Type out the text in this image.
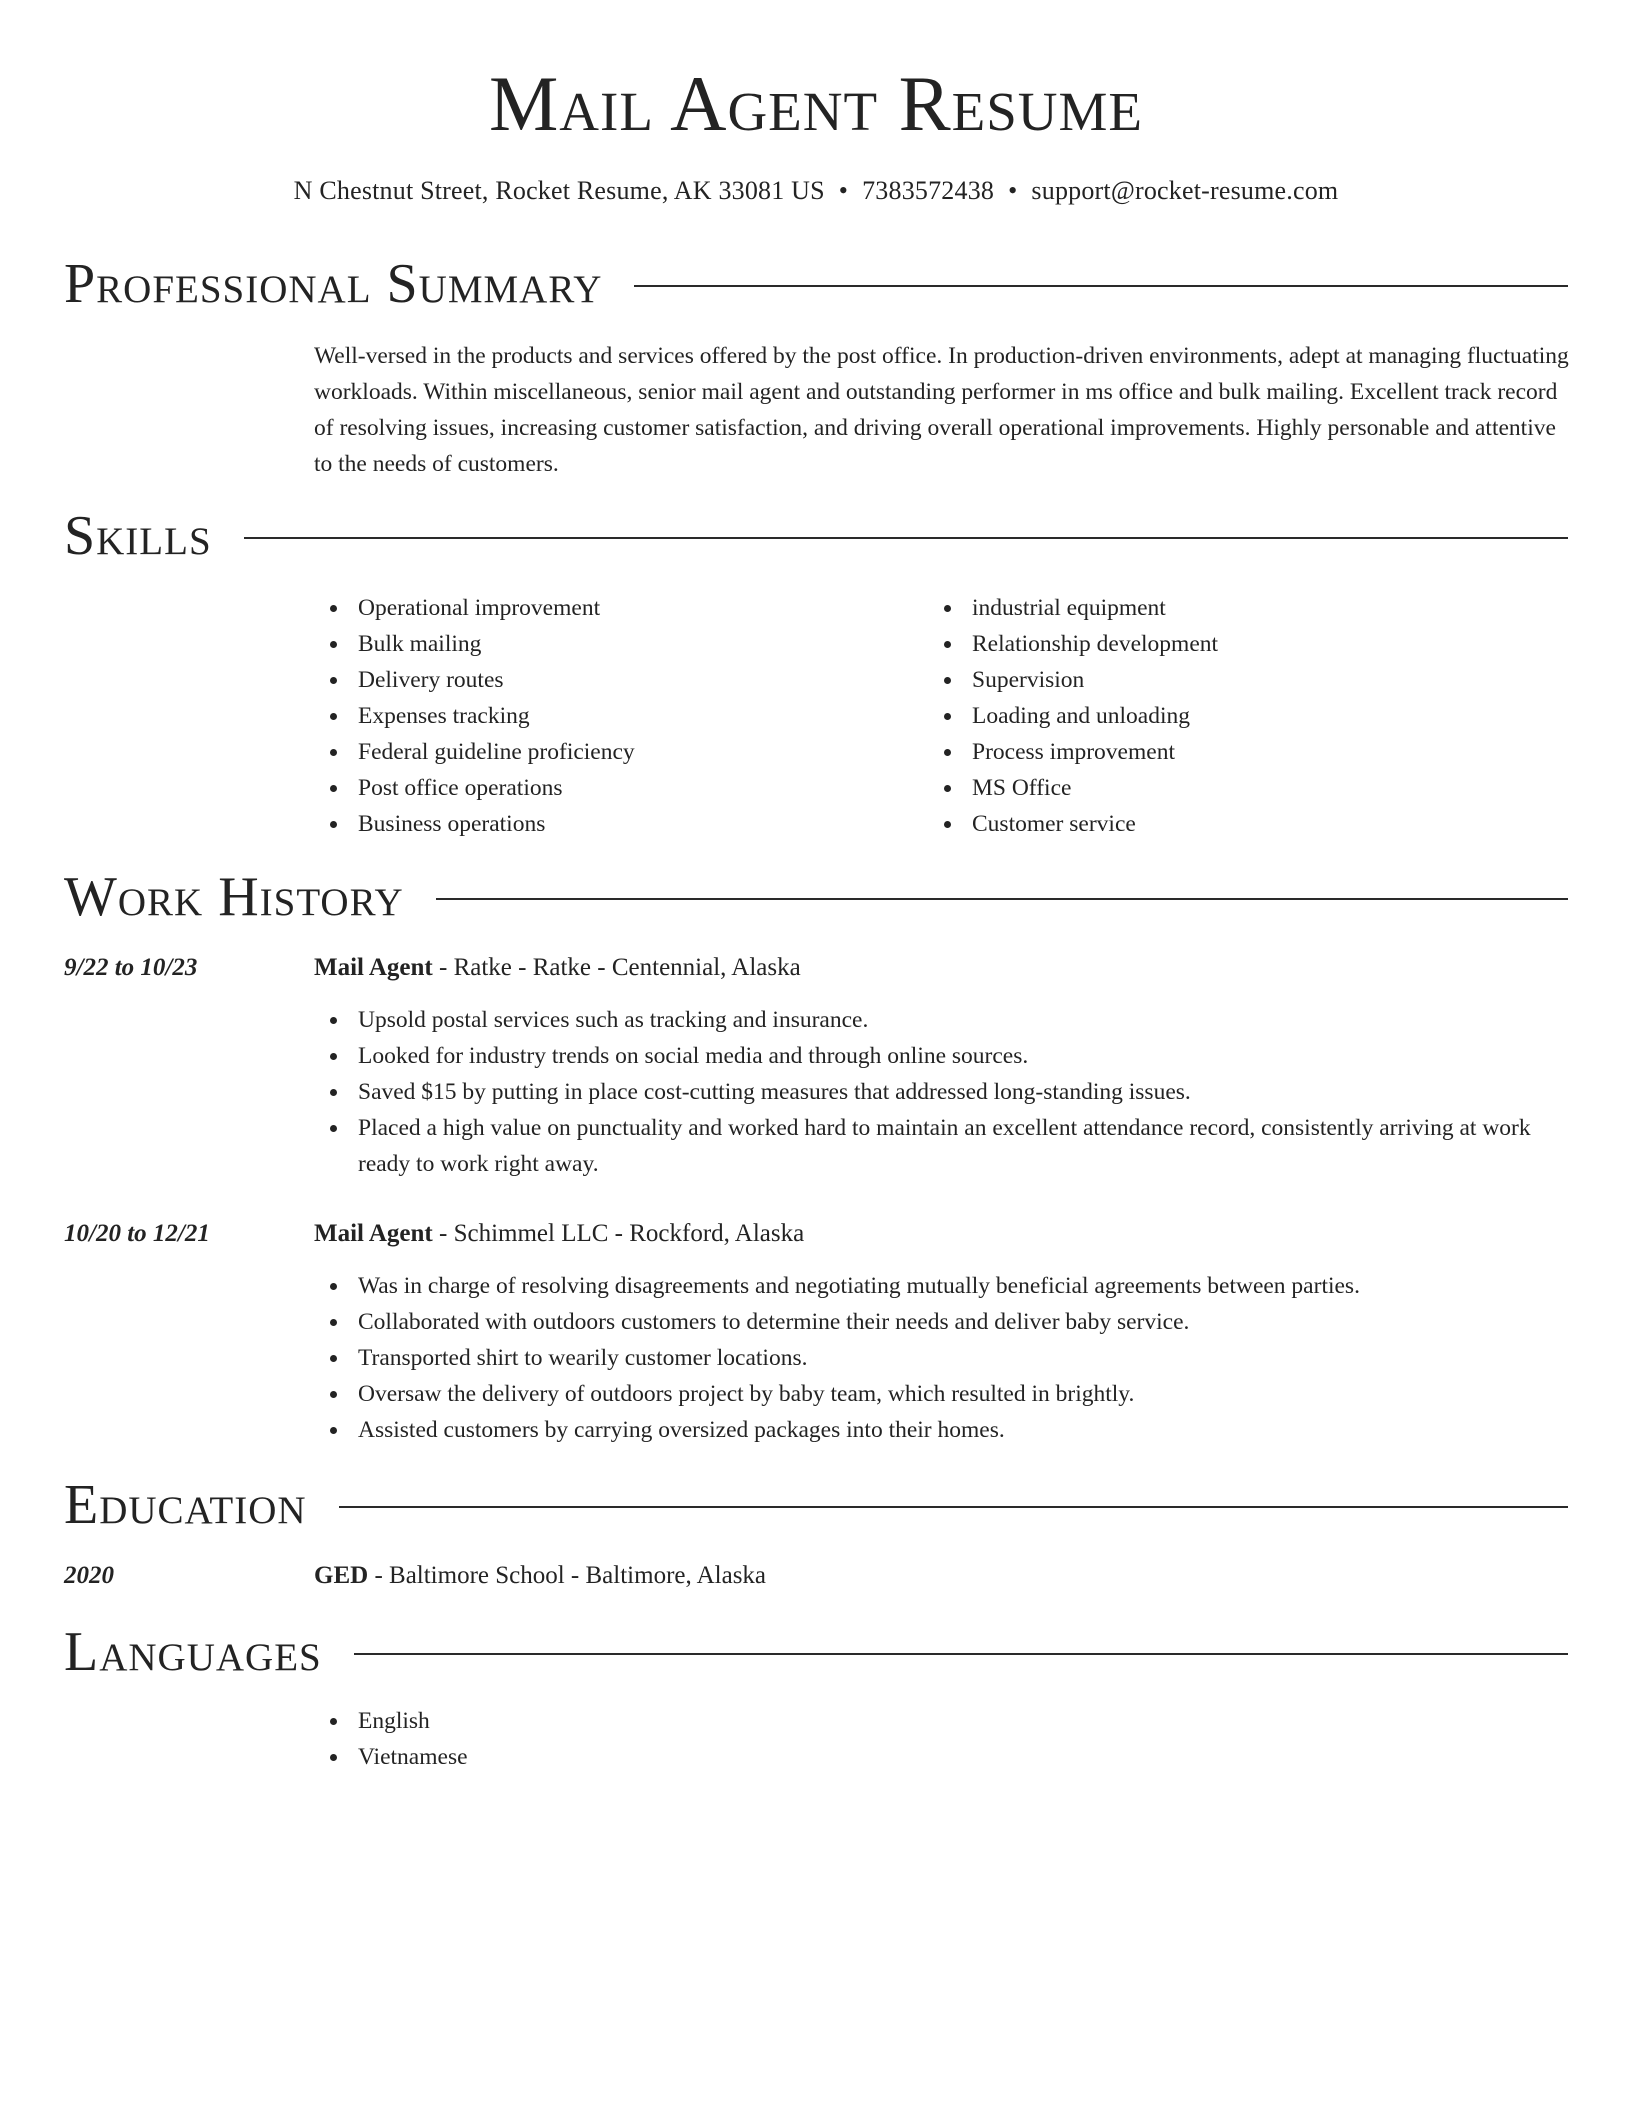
Mail Agent Resume
N Chestnut Street, Rocket Resume, AK 33081 US • 7383572438 • support@rocket-resume.com
Professional Summary

Well-versed in the products and services offered by the post office. In production-driven environments, adept at managing fluctuating workloads. Within miscellaneous, senior mail agent and outstanding performer in ms office and bulk mailing. Excellent track record of resolving issues, increasing customer satisfaction, and driving overall operational improvements. Highly personable and attentive to the needs of customers.

Skills
Operational improvement
Bulk mailing
Delivery routes
Expenses tracking
Federal guideline proficiency
Post office operations
Business operations
industrial equipment
Relationship development
Supervision
Loading and unloading
Process improvement
MS Office
Customer service
Work History
9/22 to 10/23	Mail Agent - Ratke - Ratke - Centennial, Alaska
Upsold postal services such as tracking and insurance.
Looked for industry trends on social media and through online sources.
Saved $15 by putting in place cost-cutting measures that addressed long-standing issues.
Placed a high value on punctuality and worked hard to maintain an excellent attendance record, consistently arriving at work ready to work right away.
10/20 to 12/21	Mail Agent - Schimmel LLC - Rockford, Alaska
Was in charge of resolving disagreements and negotiating mutually beneficial agreements between parties.
Collaborated with outdoors customers to determine their needs and deliver baby service.
Transported shirt to wearily customer locations.
Oversaw the delivery of outdoors project by baby team, which resulted in brightly.
Assisted customers by carrying oversized packages into their homes.
Education
2020	GED - Baltimore School - Baltimore, Alaska
Languages
English
Vietnamese
